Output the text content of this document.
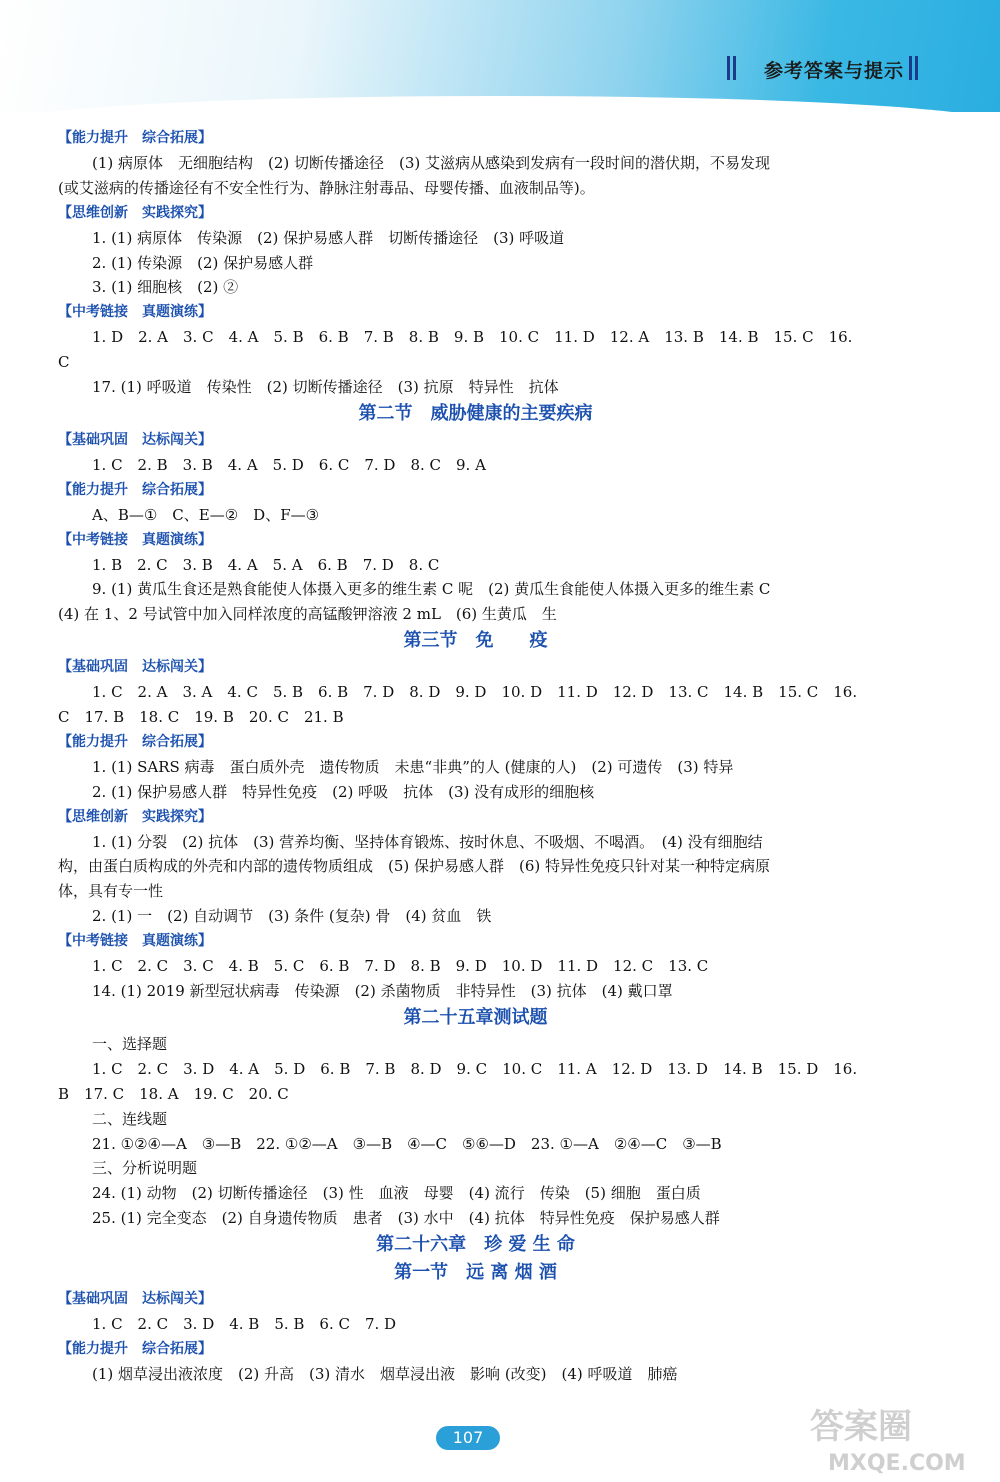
参考答案与提示
【能力提升　综合拓展】
(1) 病原体　无细胞结构　(2) 切断传播途径　(3) 艾滋病从感染到发病有一段时间的潜伏期，不易发现
(或艾滋病的传播途径有不安全性行为、静脉注射毒品、母婴传播、血液制品等)。
【思维创新　实践探究】
1. (1) 病原体　传染源　(2) 保护易感人群　切断传播途径　(3) 呼吸道
2. (1) 传染源　(2) 保护易感人群
3. (1) 细胞核　(2) ②
【中考链接　真题演练】
1. D　2. A　3. C　4. A　5. B　6. B　7. B　8. B　9. B　10. C　11. D　12. A　13. B　14. B　15. C　16.
C
17. (1) 呼吸道　传染性　(2) 切断传播途径　(3) 抗原　特异性　抗体
第二节　威胁健康的主要疾病
【基础巩固　达标闯关】
1. C　2. B　3. B　4. A　5. D　6. C　7. D　8. C　9. A
【能力提升　综合拓展】
A、B—①　C、E—②　D、F—③
【中考链接　真题演练】
1. B　2. C　3. B　4. A　5. A　6. B　7. D　8. C
9. (1) 黄瓜生食还是熟食能使人体摄入更多的维生素 C 呢　(2) 黄瓜生食能使人体摄入更多的维生素 C
(4) 在 1、2 号试管中加入同样浓度的高锰酸钾溶液 2 mL　(6) 生黄瓜　生
第三节　免　　疫
【基础巩固　达标闯关】
1. C　2. A　3. A　4. C　5. B　6. B　7. D　8. D　9. D　10. D　11. D　12. D　13. C　14. B　15. C　16.
C　17. B　18. C　19. B　20. C　21. B
【能力提升　综合拓展】
1. (1) SARS 病毒　蛋白质外壳　遗传物质　未患“非典”的人 (健康的人)　(2) 可遗传　(3) 特异
2. (1) 保护易感人群　特异性免疫　(2) 呼吸　抗体　(3) 没有成形的细胞核
【思维创新　实践探究】
1. (1) 分裂　(2) 抗体　(3) 营养均衡、坚持体育锻炼、按时休息、不吸烟、不喝酒。　(4) 没有细胞结
构，由蛋白质构成的外壳和内部的遗传物质组成　(5) 保护易感人群　(6) 特异性免疫只针对某一种特定病原
体，具有专一性
2. (1) 一　(2) 自动调节　(3) 条件 (复杂) 骨　(4) 贫血　铁
【中考链接　真题演练】
1. C　2. C　3. C　4. B　5. C　6. B　7. D　8. B　9. D　10. D　11. D　12. C　13. C
14. (1) 2019 新型冠状病毒　传染源　(2) 杀菌物质　非特异性　(3) 抗体　(4) 戴口罩
第二十五章测试题
一、选择题
1. C　2. C　3. D　4. A　5. D　6. B　7. B　8. D　9. C　10. C　11. A　12. D　13. D　14. B　15. D　16.
B　17. C　18. A　19. C　20. C
二、连线题
21. ①②④—A　③—B　22. ①②—A　③—B　④—C　⑤⑥—D　23. ①—A　②④—C　③—B
三、分析说明题
24. (1) 动物　(2) 切断传播途径　(3) 性　血液　母婴　(4) 流行　传染　(5) 细胞　蛋白质
25. (1) 完全变态　(2) 自身遗传物质　患者　(3) 水中　(4) 抗体　特异性免疫　保护易感人群
第二十六章　珍 爱 生 命
第一节　远 离 烟 酒
【基础巩固　达标闯关】
1. C　2. C　3. D　4. B　5. B　6. C　7. D
【能力提升　综合拓展】
(1) 烟草浸出液浓度　(2) 升高　(3) 清水　烟草浸出液　影响 (改变)　(4) 呼吸道　肺癌
107	答案圈
MXQE.COM
